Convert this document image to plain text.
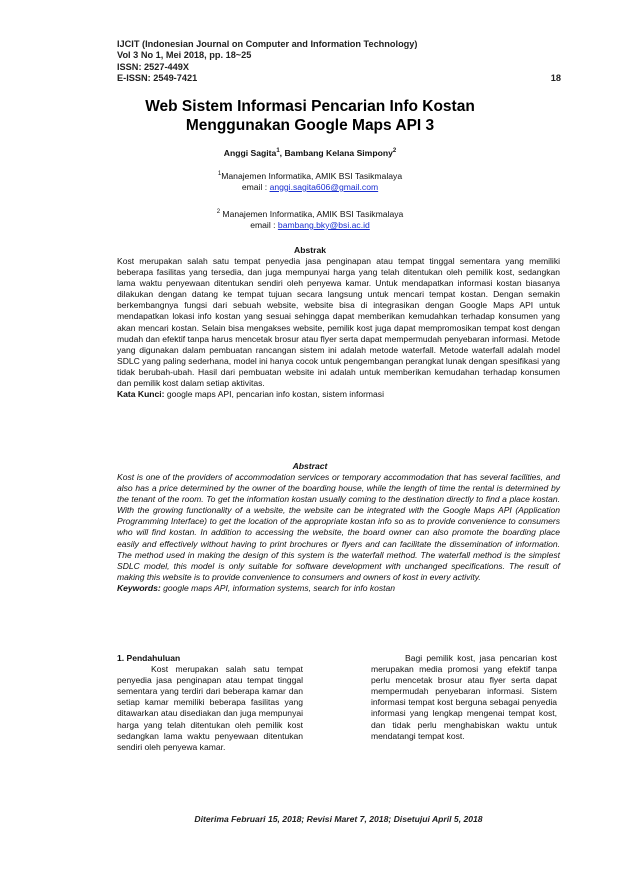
IJCIT (Indonesian Journal on Computer and Information Technology)
Vol 3 No 1, Mei 2018, pp. 18~25
ISSN: 2527-449X
E-ISSN: 2549-7421	18
Web Sistem Informasi Pencarian Info Kostan
Menggunakan Google Maps API 3
Anggi Sagita$^1$, Bambang Kelana Simpony$^2$
$^1$Manajemen Informatika, AMIK BSI Tasikmalaya
email : anggi.sagita606@gmail.com
$^2$ Manajemen Informatika, AMIK BSI Tasikmalaya
email : bambang.bky@bsi.ac.id
Abstrak

Kost merupakan salah satu tempat penyedia jasa penginapan atau tempat tinggal sementara yang memiliki beberapa fasilitas yang tersedia, dan juga mempunyai harga yang telah ditentukan oleh pemilik kost, sedangkan lama waktu penyewaan ditentukan sendiri oleh penyewa kamar. Untuk mendapatkan informasi kostan biasanya dilakukan dengan datang ke tempat tujuan secara langsung untuk mencari tempat kostan. Dengan semakin berkembangnya fungsi dari sebuah website, website bisa di integrasikan dengan Google Maps API untuk mendapatkan lokasi info kostan yang sesuai sehingga dapat memberikan kemudahkan terhadap konsumen yang akan mencari kostan. Selain bisa mengakses website, pemilik kost juga dapat mempromosikan tempat kost dengan mudah dan efektif tanpa harus mencetak brosur atau flyer serta dapat mempermudah penyebaran informasi. Metode yang digunakan dalam pembuatan rancangan sistem ini adalah metode waterfall. Metode waterfall adalah model SDLC yang paling sederhana, model ini hanya cocok untuk pengembangan perangkat lunak dengan spesifikasi yang tidak berubah-ubah. Hasil dari pembuatan website ini adalah untuk memberikan kemudahan terhadap konsumen dan pemilik kost dalam setiap aktivitas.

Kata Kunci: google maps API, pencarian info kostan, sistem informasi

Abstract

Kost is one of the providers of accommodation services or temporary accommodation that has several facilities, and also has a price determined by the owner of the boarding house, while the length of time the rental is determined by the tenant of the room. To get the information kostan usually coming to the destination directly to find a place kostan. With the growing functionality of a website, the website can be integrated with the Google Maps API (Application Programming Interface) to get the location of the appropriate kostan info so as to provide convenience to consumers who will find kostan. In addition to accessing the website, the board owner can also promote the boarding place easily and effectively without having to print brochures or flyers and can facilitate the dissemination of information. The method used in making the design of this system is the waterfall method. The waterfall method is the simplest SDLC model, this model is only suitable for software development with unchanged specifications. The result of making this website is to provide convenience to consumers and owners of kost in every activity.

Keywords: google maps API, information systems, search for info kostan

1. Pendahuluan

Kost merupakan salah satu tempat penyedia jasa penginapan atau tempat tinggal sementara yang terdiri dari beberapa kamar dan setiap kamar memiliki beberapa fasilitas yang ditawarkan atau disediakan dan juga mempunyai harga yang telah ditentukan oleh pemilik kost sedangkan lama waktu penyewaan ditentukan sendiri oleh penyewa kamar.

Bagi pemilik kost, jasa pencarian kost merupakan media promosi yang efektif tanpa perlu mencetak brosur atau flyer serta dapat mempermudah penyebaran informasi. Sistem informasi tempat kost berguna sebagai penyedia informasi yang lengkap mengenai tempat kost, dan tidak perlu menghabiskan waktu untuk mendatangi tempat kost.

Diterima Februari 15, 2018; Revisi Maret 7, 2018; Disetujui April 5, 2018
